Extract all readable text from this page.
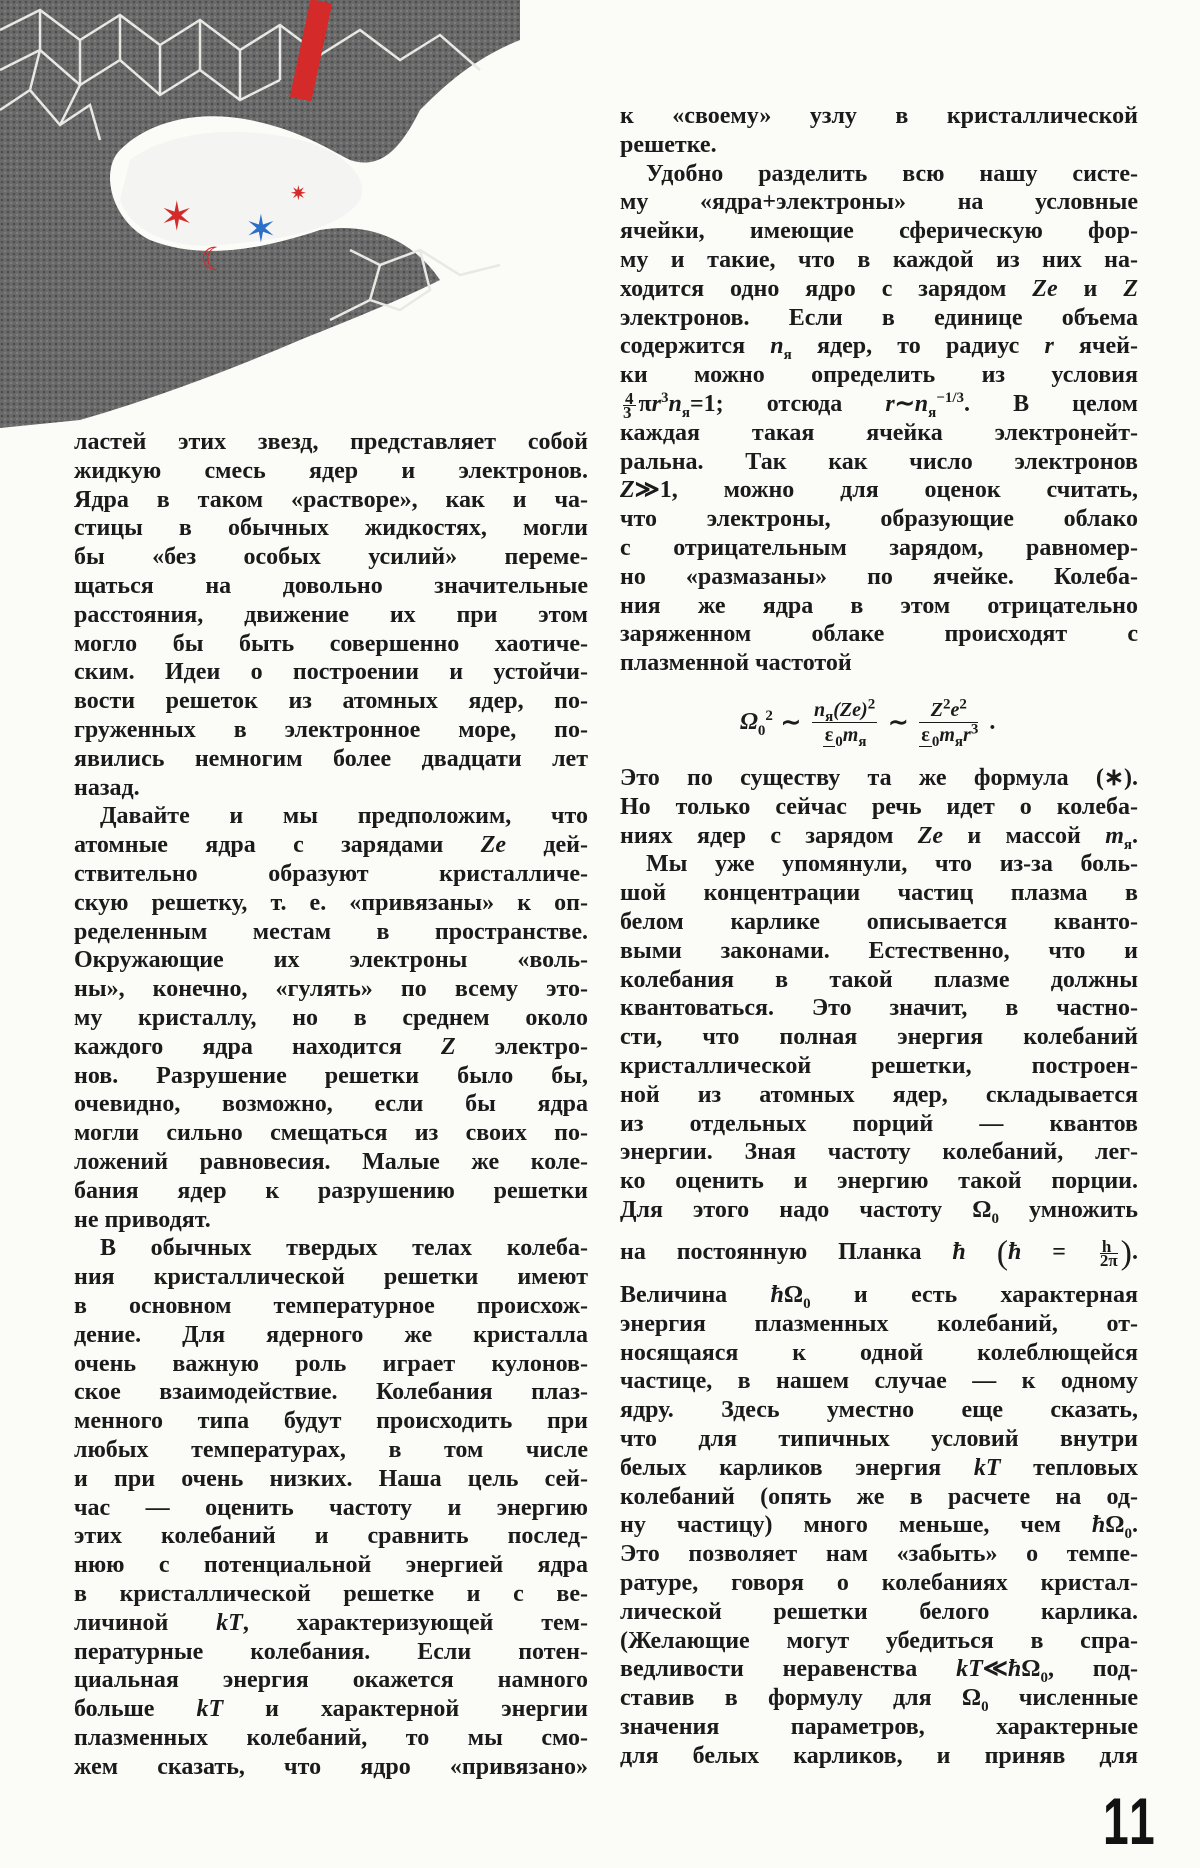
✶ ✶
✷
☾
ластей этих звезд, представляет собой
жидкую смесь ядер и электронов.
Ядра в таком «растворе», как и ча-
стицы в обычных жидкостях, могли
бы «без особых усилий» переме-
щаться на довольно значительные
расстояния, движение их при этом
могло бы быть совершенно хаотиче-
ским. Идеи о построении и устойчи-
вости решеток из атомных ядер, по-
груженных в электронное море, по-
явились немногим более двадцати лет
назад.
Давайте и мы предположим, что
атомные ядра с зарядами Ze дей-
ствительно образуют кристалличе-
скую решетку, т. е. «привязаны» к оп-
ределенным местам в пространстве.
Окружающие их электроны «воль-
ны», конечно, «гулять» по всему это-
му кристаллу, но в среднем около
каждого ядра находится Z электро-
нов. Разрушение решетки было бы,
очевидно, возможно, если бы ядра
могли сильно смещаться из своих по-
ложений равновесия. Малые же коле-
бания ядер к разрушению решетки
не приводят.
В обычных твердых телах колеба-
ния кристаллической решетки имеют
в основном температурное происхож-
дение. Для ядерного же кристалла
очень важную роль играет кулонов-
ское взаимодействие. Колебания плаз-
менного типа будут происходить при
любых температурах, в том числе
и при очень низких. Наша цель сей-
час — оценить частоту и энергию
этих колебаний и сравнить послед-
нюю с потенциальной энергией ядра
в кристаллической решетке и с ве-
личиной kT, характеризующей тем-
пературные колебания. Если потен-
циальная энергия окажется намного
больше kT и характерной энергии
плазменных колебаний, то мы смо-
жем сказать, что ядро «привязано»
к «своему» узлу в кристаллической
решетке.
Удобно разделить всю нашу систе-
му «ядра+электроны» на условные
ячейки, имеющие сферическую фор-
му и такие, что в каждой из них на-
ходится одно ядро с зарядом Ze и Z
электронов. Если в единице объема
содержится $n_я$ ядер, то радиус r ячей-
ки можно определить из условия
$\frac{4}{3} \pi r^3n_я=1$; отсюда $r\sim n_я^{-1/3}$. В целом
каждая такая ячейка электронейт-
ральна. Так как число электронов
Z≫1, можно для оценок считать,
что электроны, образующие облако
с отрицательным зарядом, равномер-
но «размазаны» по ячейке. Колеба-
ния же ядра в этом отрицательно
заряженном облаке происходят с
плазменной частотой
Это по существу та же формула (∗).
Но только сейчас речь идет о колеба-
ниях ядер с зарядом Ze и массой $m_я$.
Мы уже упомянули, что из-за боль-
шой концентрации частиц плазма в
белом карлике описывается кванто-
выми законами. Естественно, что и
колебания в такой плазме должны
квантоваться. Это значит, в частно-
сти, что полная энергия колебаний
кристаллической решетки, построен-
ной из атомных ядер, складывается
из отдельных порций — квантов
энергии. Зная частоту колебаний, лег-
ко оценить и энергию такой порции.
Для этого надо частоту $\Omega_0$ умножить
на постоянную Планка ħ (ħ = $\frac{h}{2\pi}$ ).
Величина $ħ\Omega_0$ и есть характерная
энергия плазменных колебаний, от-
носящаяся к одной колеблющейся
частице, в нашем случае — к одному
ядру. Здесь уместно еще сказать,
что для типичных условий внутри
белых карликов энергия kT тепловых
колебаний (опять же в расчете на од-
ну частицу) много меньше, чем $ħ\Omega_0$.
Это позволяет нам «забыть» о темпе-
ратуре, говоря о колебаниях кристал-
лической решетки белого карлика.
(Желающие могут убедиться в спра-
ведливости неравенства $kT≪ħ\Omega_0$, под-
ставив в формулу для $\Omega_0$ численные
значения параметров, характерные
для белых карликов, и приняв для
$\Omega_0^2$ ∼ $\frac{n_я(Ze)^2}{\varepsilon _0m_я}$ ∼ $\frac{Z^2e^2}{\varepsilon _0m_яr^3}$ .
11
